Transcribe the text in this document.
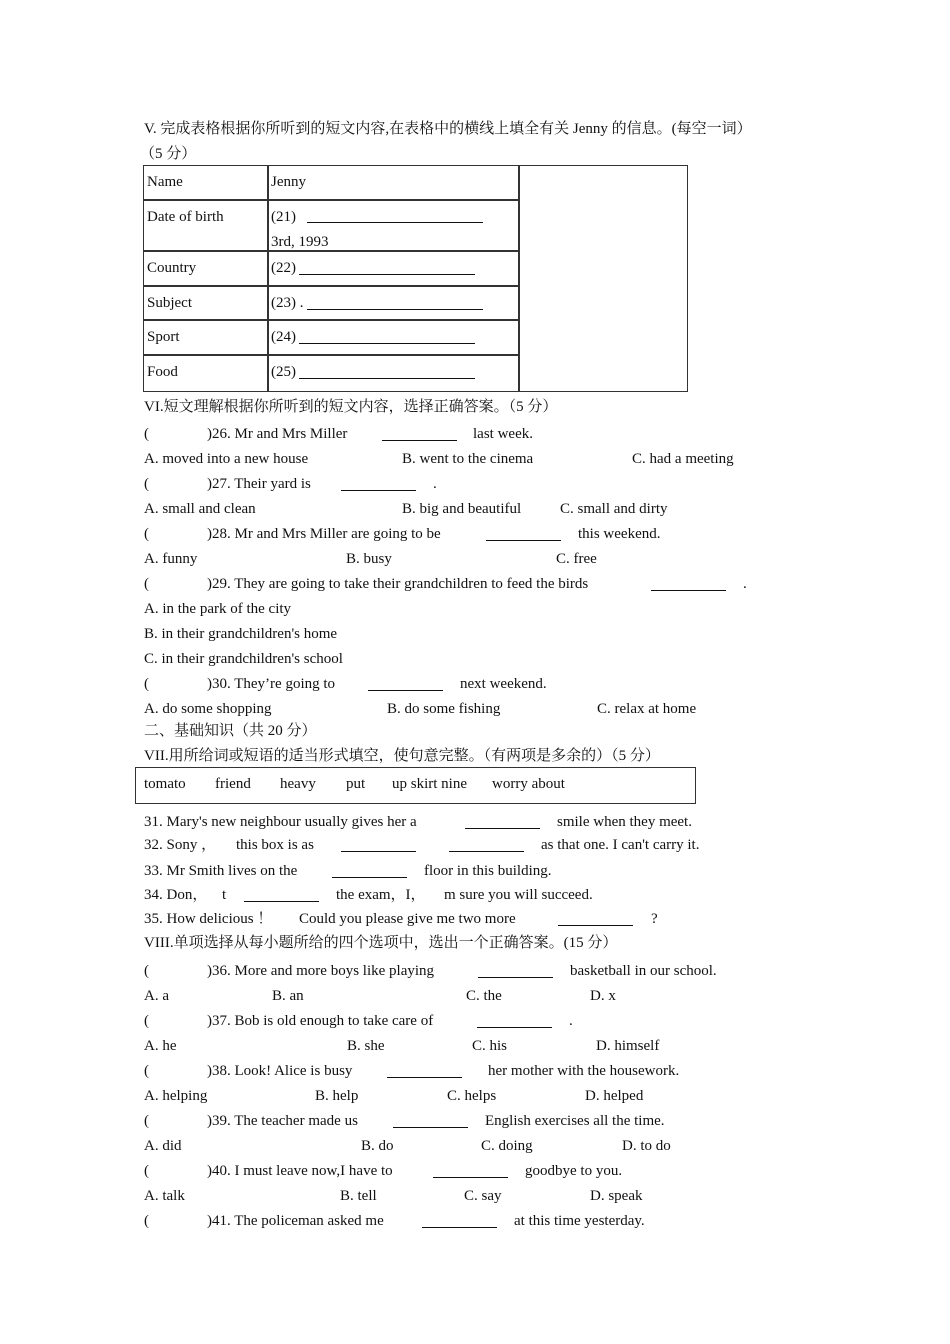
V. 完成表格根据你所听到的短文内容,在表格中的横线上填全有关 Jenny 的信息。(每空一词）
（5 分）
Name	Jenny
Date of birth	(21)
3rd, 1993
Country	(22)
Subject	(23) .
Sport	(24)
Food	(25)
VI.短文理解根据你所听到的短文内容，选择正确答案。（5 分）
(	)26. Mr and Mrs Miller	last week.
A. moved into a new house	B. went to the cinema	C. had a meeting
(	)27. Their yard is	.
A. small and clean	B. big and beautiful	C. small and dirty
(	)28. Mr and Mrs Miller are going to be	this weekend.
A. funny	B. busy	C. free
(	)29. They are going to take their grandchildren to feed the birds	.
A. in the park of the city
B. in their grandchildren's home
C. in their grandchildren's school
(	)30. They’re going to	next weekend.
A. do some shopping	B. do some fishing	C. relax at home
二、基础知识（共 20 分）
VII.用所给词或短语的适当形式填空，使句意完整。（有两项是多余的）（5 分）
tomato friend heavy put up skirt nine worry about
31. Mary's new neighbour usually gives her a	smile when they meet.
32. Sony ， this box is as	as that one. I can't carry it.
33. Mr Smith lives on the	floor in this building.
34. Don， t	the exam，I， m sure you will succeed.
35. How delicious ！ Could you please give me two more	?
VIII.单项选择从每小题所给的四个选项中，选出一个正确答案。(15 分）
(	)36. More and more boys like playing	basketball in our school.
A. a	B. an	C. the	D. x
(	)37. Bob is old enough to take care of	.
A. he	B. she	C. his	D. himself
(	)38. Look! Alice is busy	her mother with the housework.
A. helping	B. help	C. helps	D. helped
(	)39. The teacher made us	English exercises all the time.
A. did	B. do	C. doing	D. to do
(	)40. I must leave now,I have to	goodbye to you.
A. talk	B. tell	C. say	D. speak
(	)41. The policeman asked me	at this time yesterday.
